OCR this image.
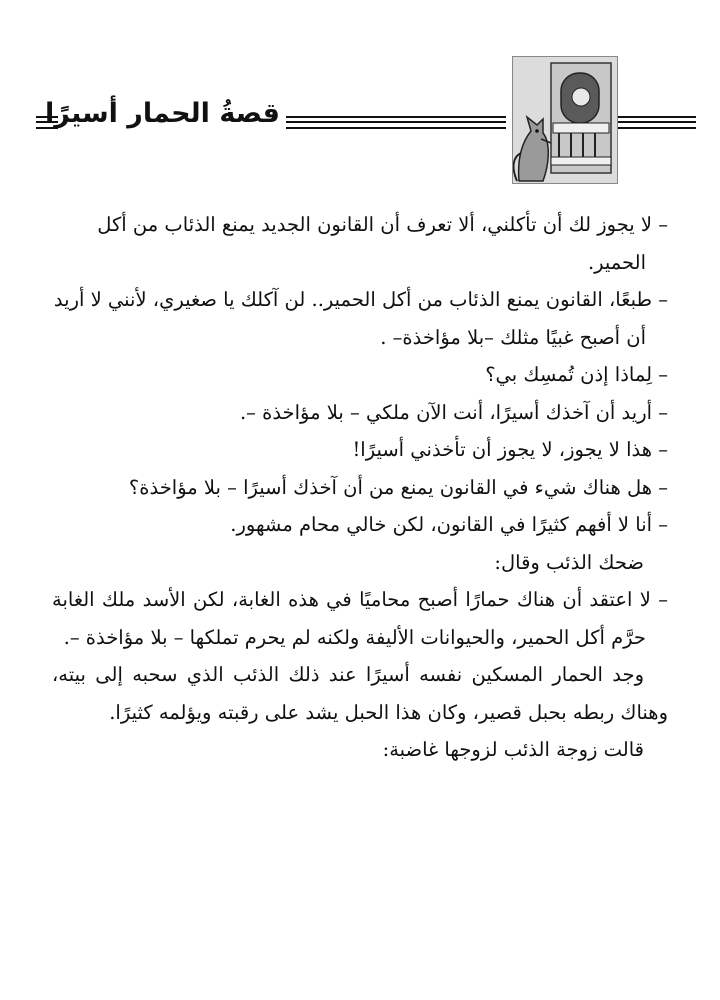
قصةُ الحمار أسيرًا

– لا يجوز لك أن تأكلني، ألا تعرف أن القانون الجديد يمنع الذئاب من أكل الحمير.

– طبعًا، القانون يمنع الذئاب من أكل الحمير.. لن آكلك يا صغيري، لأنني لا أريد أن أصبح غبيًا مثلك –بلا مؤاخذة– .

– لِماذا إذن تُمسِك بي؟

– أريد أن آخذك أسيرًا، أنت الآن ملكي – بلا مؤاخذة –.

– هذا لا يجوز، لا يجوز أن تأخذني أسيرًا!

– هل هناك شيء في القانون يمنع من أن آخذك أسيرًا – بلا مؤاخذة؟

– أنا لا أفهم كثيرًا في القانون، لكن خالي محام مشهور.

ضحك الذئب وقال:

– لا اعتقد أن هناك حمارًا أصبح محاميًا في هذه الغابة، لكن الأسد ملك الغابة حرَّم أكل الحمير، والحيوانات الأليفة ولكنه لم يحرم تملكها – بلا مؤاخذة –.

وجد الحمار المسكين نفسه أسيرًا عند ذلك الذئب الذي سحبه إلى بيته، وهناك ربطه بحبل قصير، وكان هذا الحبل يشد على رقبته ويؤلمه كثيرًا.

قالت زوجة الذئب لزوجها غاضبة:
